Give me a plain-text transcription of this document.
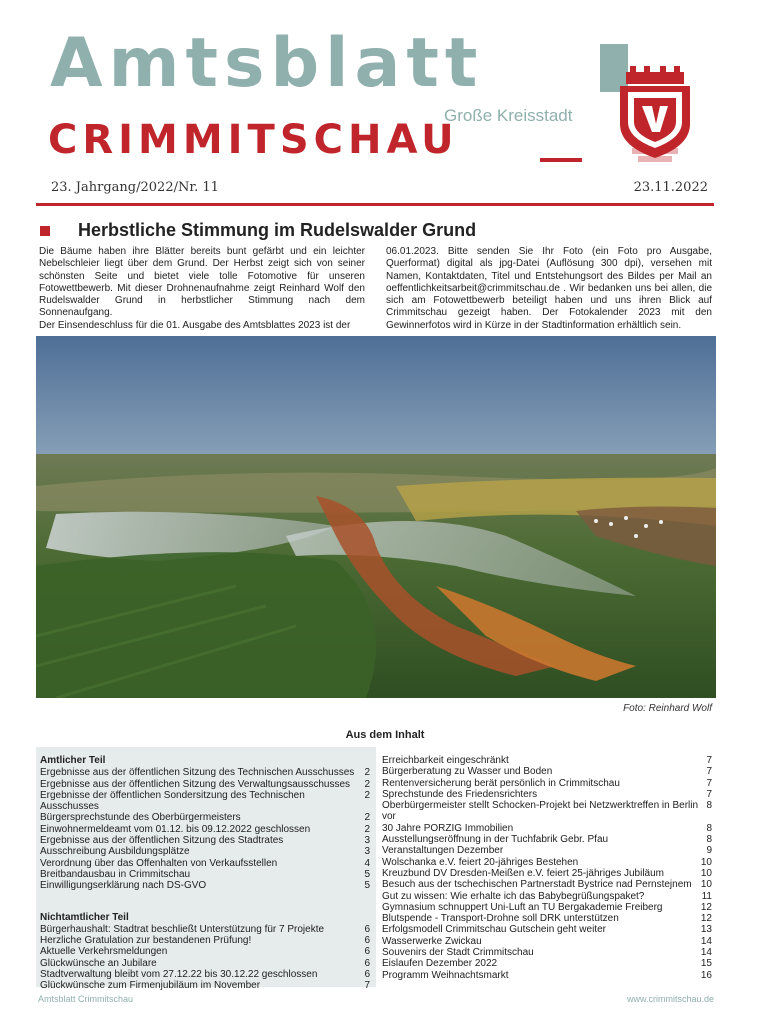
Amtsblatt
Große Kreisstadt
CRIMMITSCHAU
23. Jahrgang/2022/Nr. 11	23.11.2022
Herbstliche Stimmung im Rudelswalder Grund

Die Bäume haben ihre Blätter bereits bunt gefärbt und ein leichter Nebelschleier liegt über dem Grund. Der Herbst zeigt sich von seiner schönsten Seite und bietet viele tolle Fotomotive für unseren Fotowettbewerb. Mit dieser Drohnenaufnahme zeigt Reinhard Wolf den Rudelswalder Grund in herbstlicher Stimmung nach dem Sonnenaufgang.

Der Einsendeschluss für die 01. Ausgabe des Amtsblattes 2023 ist der

06.01.2023. Bitte senden Sie Ihr Foto (ein Foto pro Ausgabe, Querformat) digital als jpg-Datei (Auflösung 300 dpi), versehen mit Namen, Kontaktdaten, Titel und Entstehungsort des Bildes per Mail an oeffentlichkeitsarbeit@crimmitschau.de . Wir bedanken uns bei allen, die sich am Fotowettbewerb beteiligt haben und uns ihren Blick auf Crimmitschau gezeigt haben. Der Fotokalender 2023 mit den Gewinnerfotos wird in Kürze in der Stadtinformation erhältlich sein.

Foto: Reinhard Wolf
Aus dem Inhalt
Amtlicher Teil
Ergebnisse aus der öffentlichen Sitzung des Technischen Ausschusses	2
Ergebnisse aus der öffentlichen Sitzung des Verwaltungsausschusses	2
Ergebnisse der öffentlichen Sondersitzung des Technischen Ausschusses
2
Bürgersprechstunde des Oberbürgermeisters	2
Einwohnermeldeamt vom 01.12. bis 09.12.2022 geschlossen	2
Ergebnisse aus der öffentlichen Sitzung des Stadtrates	3
Ausschreibung Ausbildungsplätze	3
Verordnung über das Offenhalten von Verkaufsstellen	4
Breitbandausbau in Crimmitschau	5
Einwilligungserklärung nach DS-GVO	5
Nichtamtlicher Teil
Bürgerhaushalt: Stadtrat beschließt Unterstützung für 7 Projekte	6
Herzliche Gratulation zur bestandenen Prüfung!	6
Aktuelle Verkehrsmeldungen	6
Glückwünsche an Jubilare	6
Stadtverwaltung bleibt vom 27.12.22 bis 30.12.22 geschlossen	6
Glückwünsche zum Firmenjubiläum im November	7
Erreichbarkeit eingeschränkt	7
Bürgerberatung zu Wasser und Boden	7
Rentenversicherung berät persönlich in Crimmitschau	7
Sprechstunde des Friedensrichters	7
Oberbürgermeister stellt Schocken-Projekt bei Netzwerktreffen in Berlin vor
8
30 Jahre PORZIG Immobilien	8
Ausstellungseröffnung in der Tuchfabrik Gebr. Pfau	8
Veranstaltungen Dezember	9
Wolschanka e.V. feiert 20-jähriges Bestehen	10
Kreuzbund DV Dresden-Meißen e.V. feiert 25-jähriges Jubiläum	10
Besuch aus der tschechischen Partnerstadt Bystrice nad Pernstejnem 10
Gut zu wissen: Wie erhalte ich das Babybegrüßungspaket?	11
Gymnasium schnuppert Uni-Luft an TU Bergakademie Freiberg	12
Blutspende - Transport-Drohne soll DRK unterstützen	12
Erfolgsmodell Crimmitschau Gutschein geht weiter	13
Wasserwerke Zwickau	14
Souvenirs der Stadt Crimmitschau	14
Eislaufen Dezember 2022	15
Programm Weihnachtsmarkt	16
Amtsblatt Crimmitschau	www.crimmitschau.de
